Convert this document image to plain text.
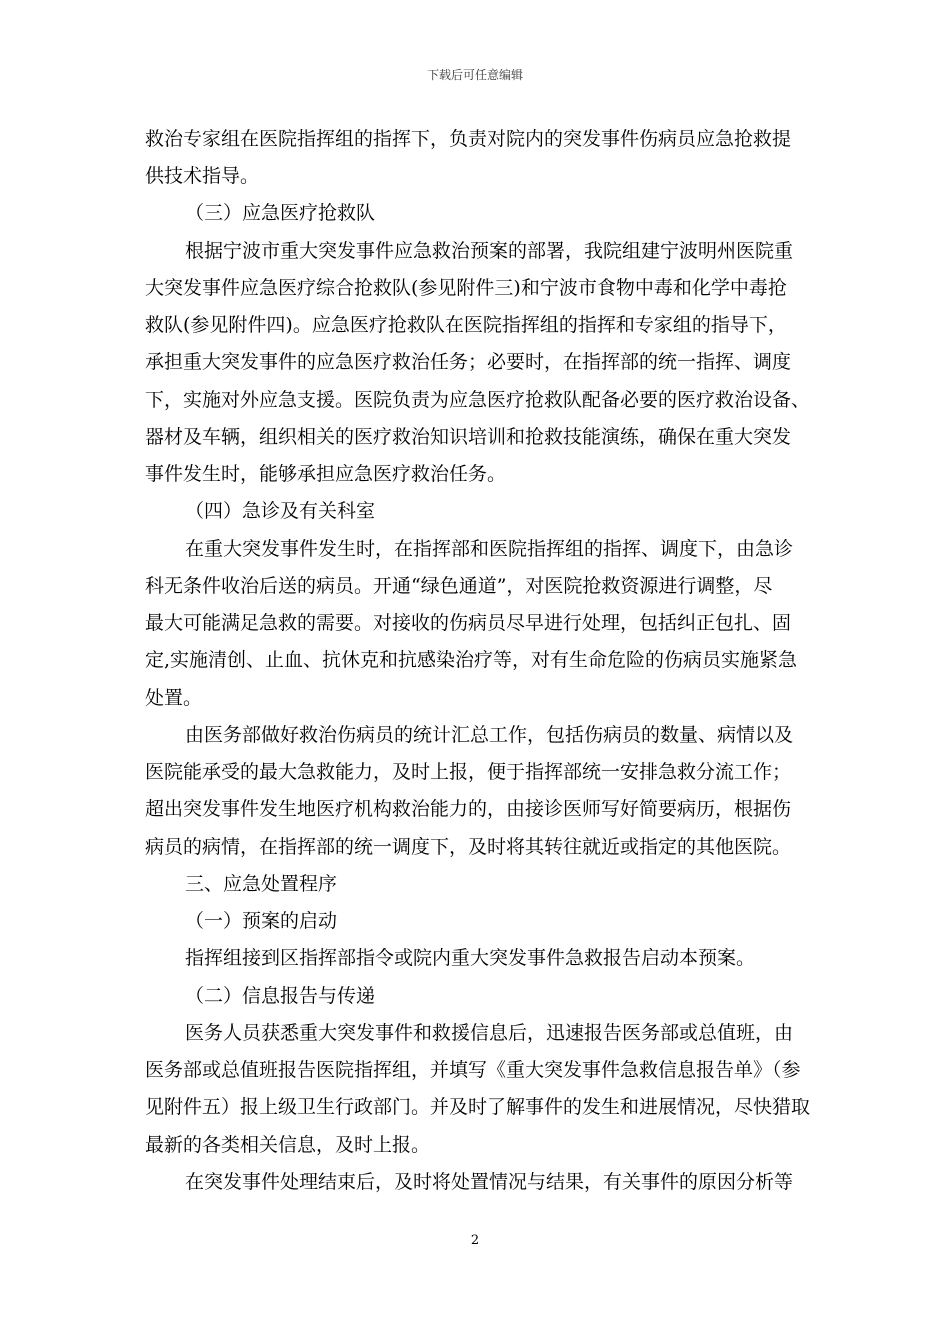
下载后可任意编辑
救治专家组在医院指挥组的指挥下，负责对院内的突发事件伤病员应急抢救提
供技术指导。
（三）应急医疗抢救队
根据宁波市重大突发事件应急救治预案的部署，我院组建宁波明州医院重
大突发事件应急医疗综合抢救队(参见附件三)和宁波市食物中毒和化学中毒抢
救队(参见附件四)。应急医疗抢救队在医院指挥组的指挥和专家组的指导下，
承担重大突发事件的应急医疗救治任务；必要时，在指挥部的统一指挥、调度
下，实施对外应急支援。医院负责为应急医疗抢救队配备必要的医疗救治设备、
器材及车辆，组织相关的医疗救治知识培训和抢救技能演练，确保在重大突发
事件发生时，能够承担应急医疗救治任务。
（四）急诊及有关科室
在重大突发事件发生时，在指挥部和医院指挥组的指挥、调度下，由急诊
科无条件收治后送的病员。开通“绿色通道”，对医院抢救资源进行调整，尽
最大可能满足急救的需要。对接收的伤病员尽早进行处理，包括纠正包扎、固
定,实施清创、止血、抗休克和抗感染治疗等，对有生命危险的伤病员实施紧急
处置。
由医务部做好救治伤病员的统计汇总工作，包括伤病员的数量、病情以及
医院能承受的最大急救能力，及时上报，便于指挥部统一安排急救分流工作；
超出突发事件发生地医疗机构救治能力的，由接诊医师写好简要病历，根据伤
病员的病情，在指挥部的统一调度下，及时将其转往就近或指定的其他医院。
三、应急处置程序
（一）预案的启动
指挥组接到区指挥部指令或院内重大突发事件急救报告启动本预案。
（二）信息报告与传递
医务人员获悉重大突发事件和救援信息后，迅速报告医务部或总值班，由
医务部或总值班报告医院指挥组，并填写《重大突发事件急救信息报告单》（参
见附件五）报上级卫生行政部门。并及时了解事件的发生和进展情况，尽快猎取
最新的各类相关信息，及时上报。
在突发事件处理结束后，及时将处置情况与结果，有关事件的原因分析等
2
